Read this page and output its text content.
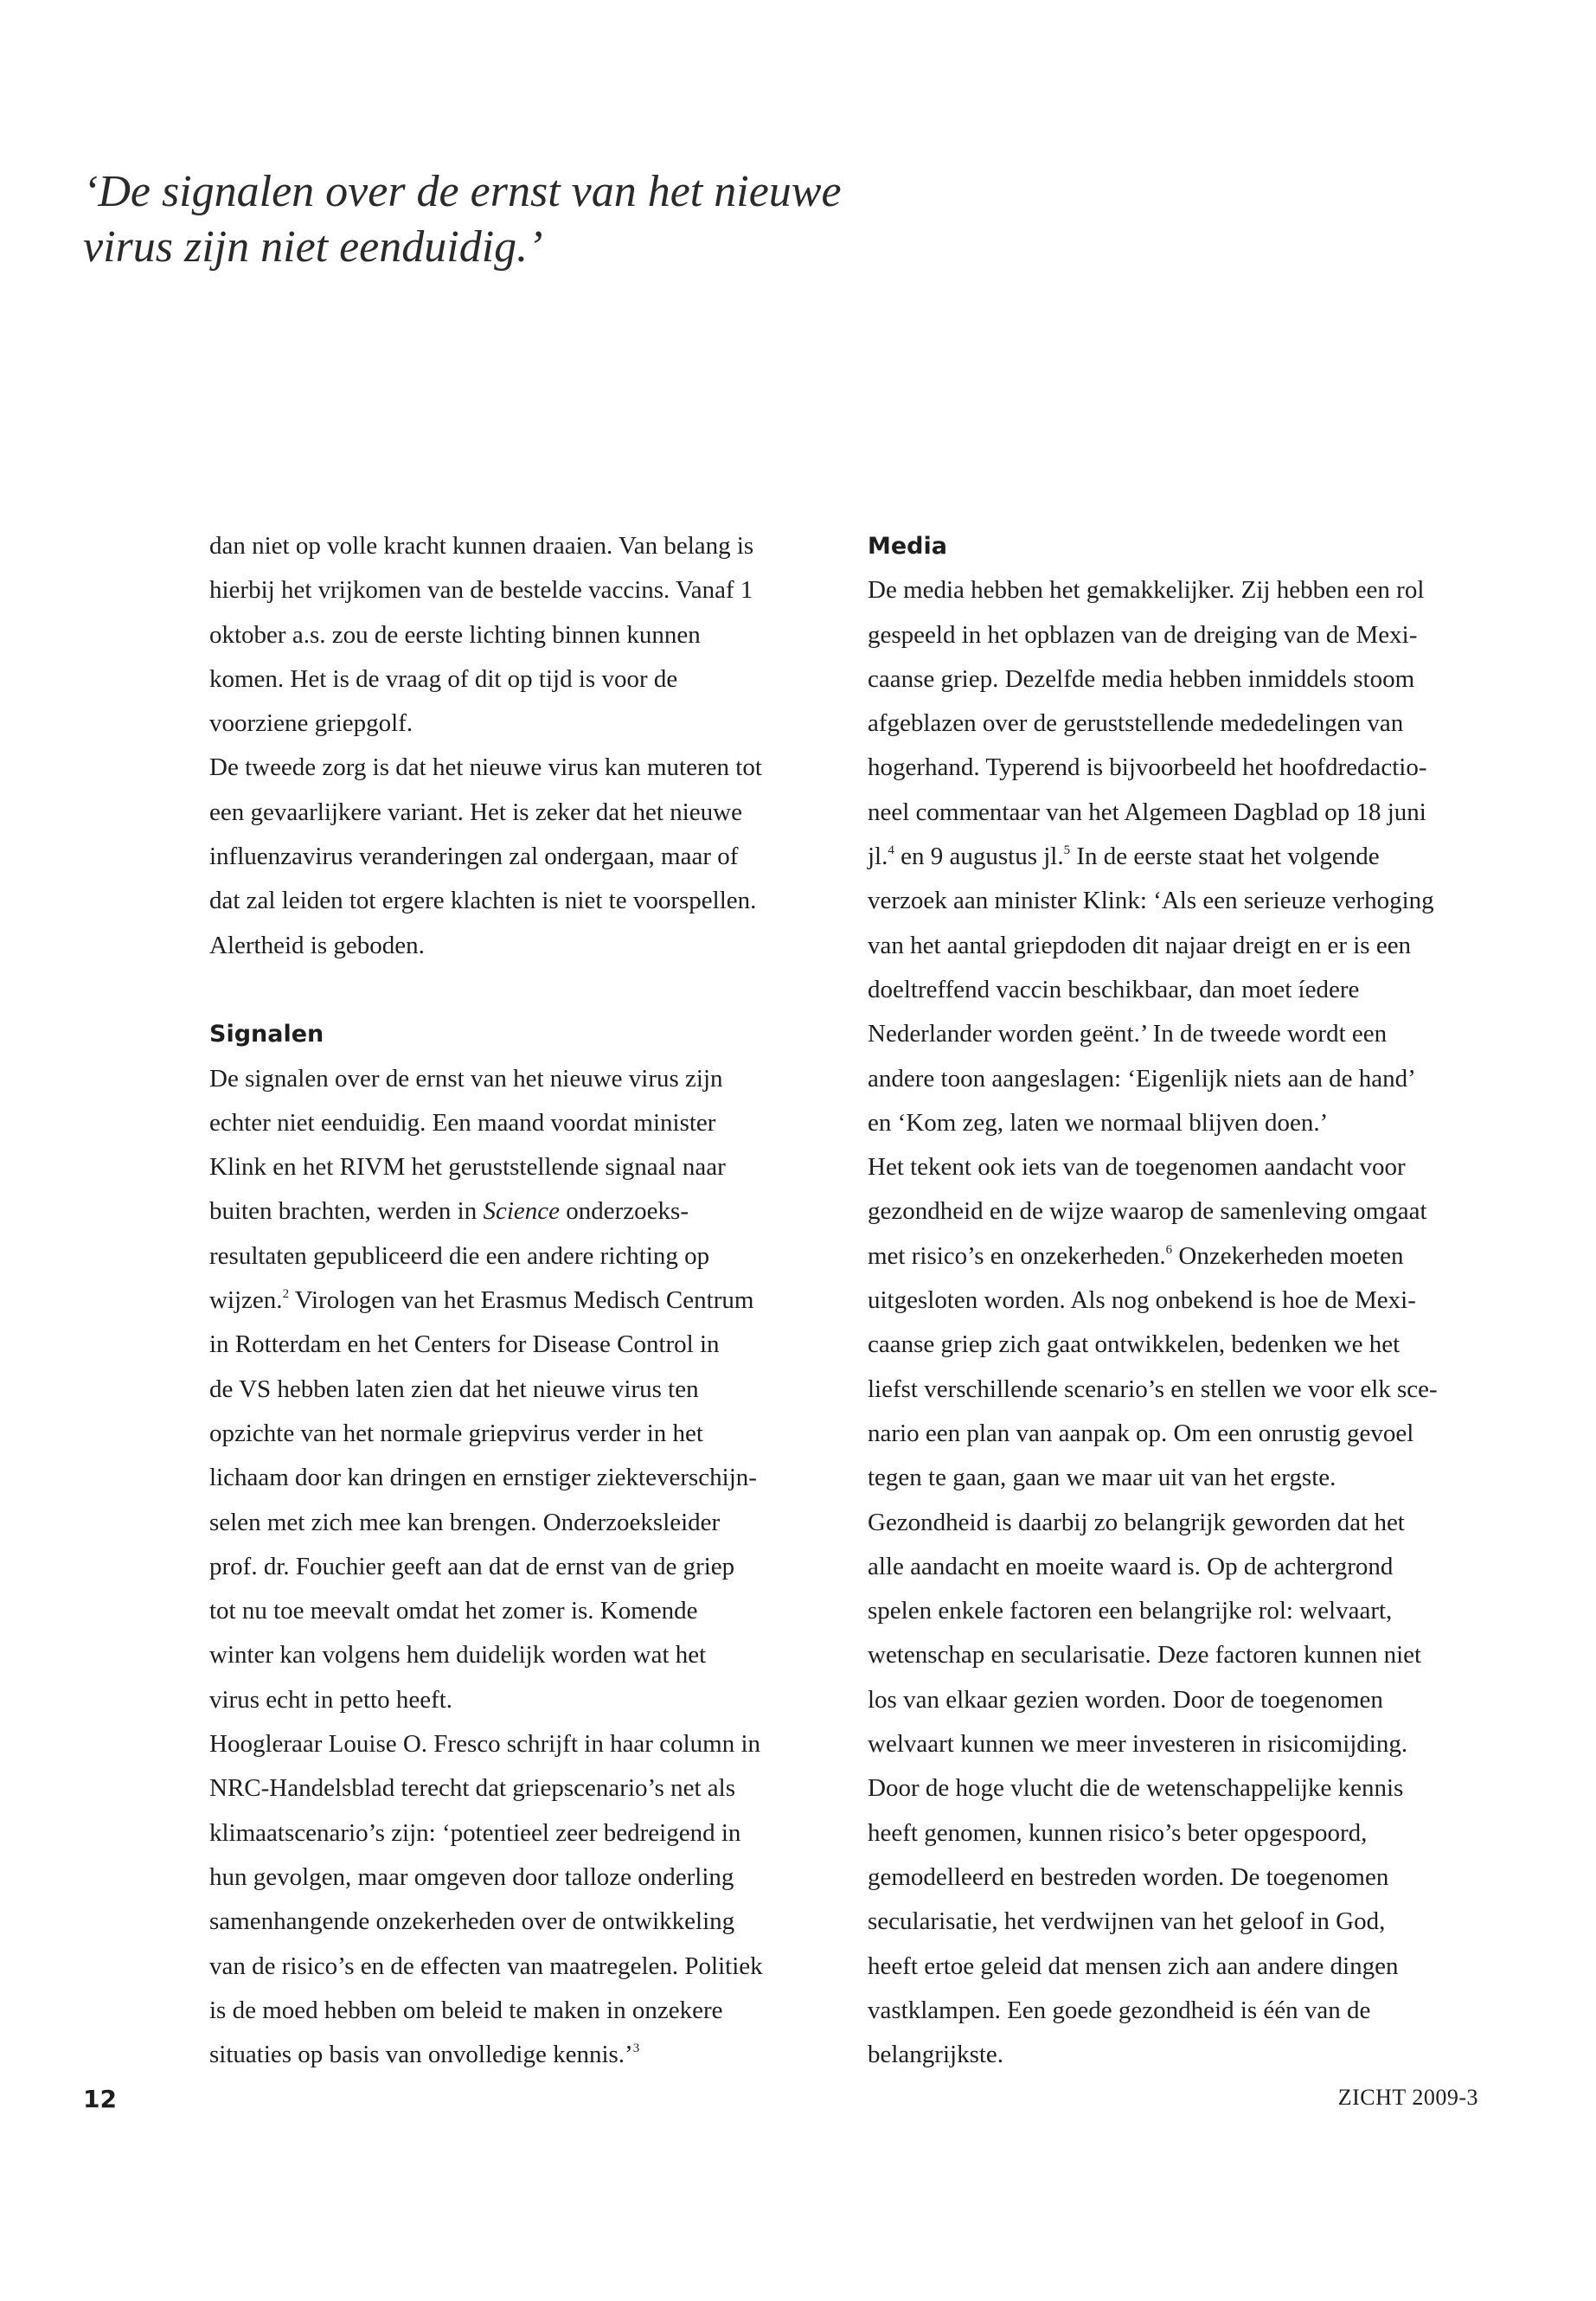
‘De signalen over de ernst van het nieuwe
virus zijn niet eenduidig.’
dan niet op volle kracht kunnen draaien. Van belang is
hierbij het vrijkomen van de bestelde vaccins. Vanaf 1
oktober a.s. zou de eerste lichting binnen kunnen
komen. Het is de vraag of dit op tijd is voor de
voorziene griepgolf.
De tweede zorg is dat het nieuwe virus kan muteren tot
een gevaarlijkere variant. Het is zeker dat het nieuwe
influenzavirus veranderingen zal ondergaan, maar of
dat zal leiden tot ergere klachten is niet te voorspellen.
Alertheid is geboden.
Signalen
De signalen over de ernst van het nieuwe virus zijn
echter niet eenduidig. Een maand voordat minister
Klink en het RIVM het geruststellende signaal naar
buiten brachten, werden in Science onderzoeks-
resultaten gepubliceerd die een andere richting op
wijzen.$^2$ Virologen van het Erasmus Medisch Centrum
in Rotterdam en het Centers for Disease Control in
de VS hebben laten zien dat het nieuwe virus ten
opzichte van het normale griepvirus verder in het
lichaam door kan dringen en ernstiger ziekteverschijn-
selen met zich mee kan brengen. Onderzoeksleider
prof. dr. Fouchier geeft aan dat de ernst van de griep
tot nu toe meevalt omdat het zomer is. Komende
winter kan volgens hem duidelijk worden wat het
virus echt in petto heeft.
Hoogleraar Louise O. Fresco schrijft in haar column in
NRC-Handelsblad terecht dat griepscenario’s net als
klimaatscenario’s zijn: ‘potentieel zeer bedreigend in
hun gevolgen, maar omgeven door talloze onderling
samenhangende onzekerheden over de ontwikkeling
van de risico’s en de effecten van maatregelen. Politiek
is de moed hebben om beleid te maken in onzekere
situaties op basis van onvolledige kennis.’$^3$
Media
De media hebben het gemakkelijker. Zij hebben een rol
gespeeld in het opblazen van de dreiging van de Mexi-
caanse griep. Dezelfde media hebben inmiddels stoom
afgeblazen over de geruststellende mededelingen van
hogerhand. Typerend is bijvoorbeeld het hoofdredactio-
neel commentaar van het Algemeen Dagblad op 18 juni
jl.$^4$ en 9 augustus jl.$^5$ In de eerste staat het volgende
verzoek aan minister Klink: ‘Als een serieuze verhoging
van het aantal griepdoden dit najaar dreigt en er is een
doeltreffend vaccin beschikbaar, dan moet íedere
Nederlander worden geënt.’ In de tweede wordt een
andere toon aangeslagen: ‘Eigenlijk niets aan de hand’
en ‘Kom zeg, laten we normaal blijven doen.’
Het tekent ook iets van de toegenomen aandacht voor
gezondheid en de wijze waarop de samenleving omgaat
met risico’s en onzekerheden.$^6$ Onzekerheden moeten
uitgesloten worden. Als nog onbekend is hoe de Mexi-
caanse griep zich gaat ontwikkelen, bedenken we het
liefst verschillende scenario’s en stellen we voor elk sce-
nario een plan van aanpak op. Om een onrustig gevoel
tegen te gaan, gaan we maar uit van het ergste.
Gezondheid is daarbij zo belangrijk geworden dat het
alle aandacht en moeite waard is. Op de achtergrond
spelen enkele factoren een belangrijke rol: welvaart,
wetenschap en secularisatie. Deze factoren kunnen niet
los van elkaar gezien worden. Door de toegenomen
welvaart kunnen we meer investeren in risicomijding.
Door de hoge vlucht die de wetenschappelijke kennis
heeft genomen, kunnen risico’s beter opgespoord,
gemodelleerd en bestreden worden. De toegenomen
secularisatie, het verdwijnen van het geloof in God,
heeft ertoe geleid dat mensen zich aan andere dingen
vastklampen. Een goede gezondheid is één van de
belangrijkste.
12	ZICHT 2009-3
